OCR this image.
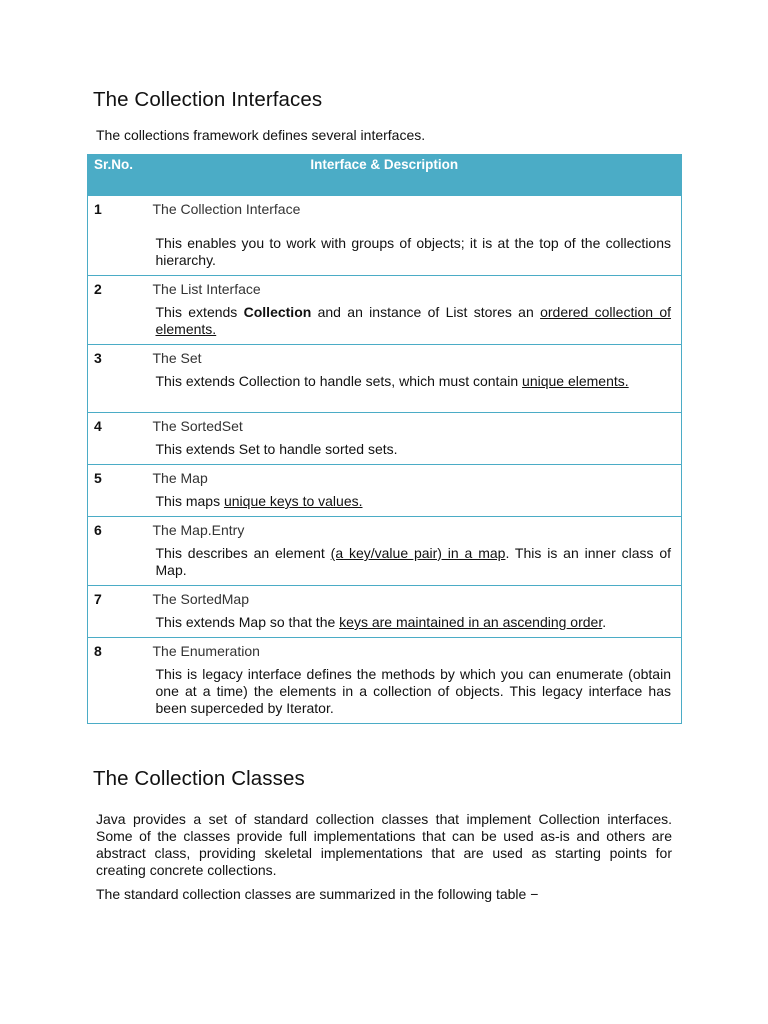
The Collection Interfaces

The collections framework defines several interfaces.

Sr.No.	Interface & Description
1	The Collection Interface
This enables you to work with groups of objects; it is at the top of the collections hierarchy.

2	The List Interface
This extends Collection and an instance of List stores an ordered collection of elements.

3	The Set
This extends Collection to handle sets, which must contain unique elements.

4	The SortedSet
This extends Set to handle sorted sets.

5	The Map
This maps unique keys to values.

6	The Map.Entry
This describes an element (a key/value pair) in a map. This is an inner class of Map.

7	The SortedMap
This extends Map so that the keys are maintained in an ascending order.

8	The Enumeration
This is legacy interface defines the methods by which you can enumerate (obtain one at a time) the elements in a collection of objects. This legacy interface has been superceded by Iterator.
The Collection Classes

Java provides a set of standard collection classes that implement Collection interfaces. Some of the classes provide full implementations that can be used as-is and others are abstract class, providing skeletal implementations that are used as starting points for creating concrete collections.

The standard collection classes are summarized in the following table −
